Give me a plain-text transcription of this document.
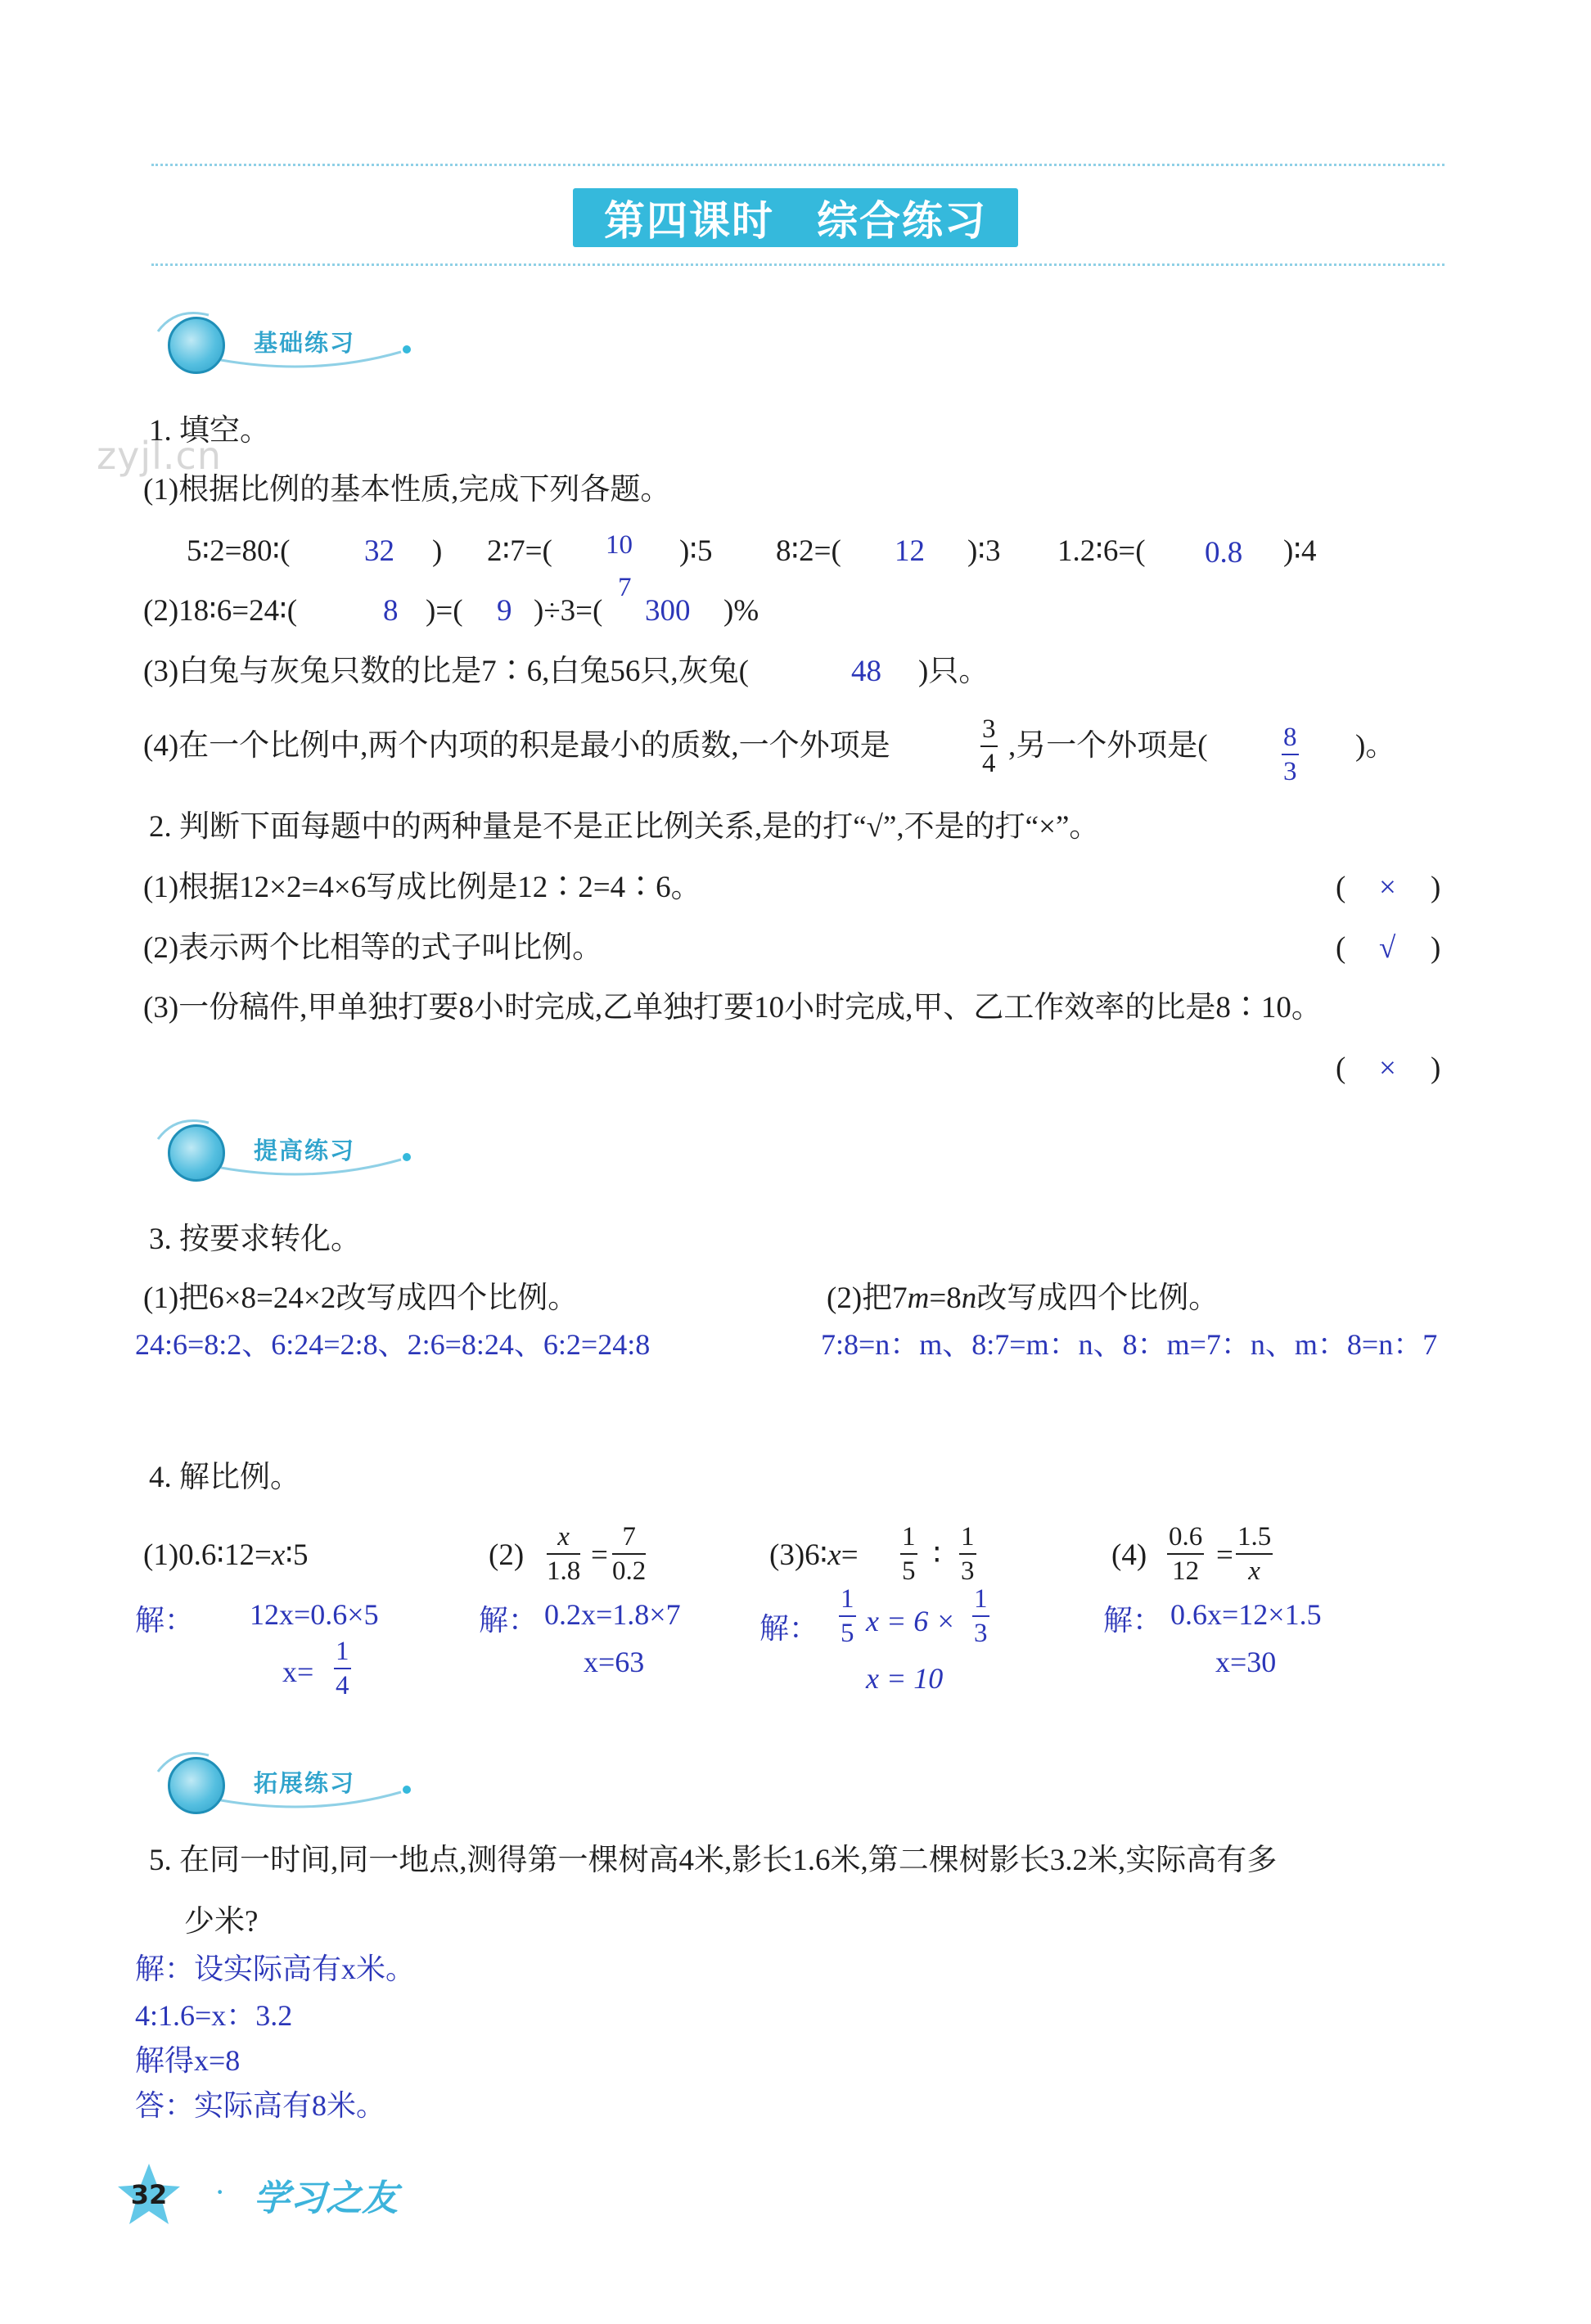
第四课时　综合练习
zyjl.cn
基础练习
1. 填空。
(1)根据比例的基本性质,完成下列各题。
5∶2=80∶( 32 ) 2∶7=( 10
7
)∶5 8∶2=( 12 )∶3 1.2∶6=( 0.8 )∶4
(2)18∶6=24∶(	8 )=( 9 )÷3=( 300 )%
(3)白兔与灰兔只数的比是7∶6,白兔56只,灰兔(	48 )只。
(4)在一个比例中,两个内项的积是最小的质数,一个外项是	$\frac{3}{4}$ ,另一个外项是(	$\frac{8}{3}$ )。
2. 判断下面每题中的两种量是不是正比例关系,是的打“√”,不是的打“×”。
(1)根据12×2=4×6写成比例是12∶2=4∶6。	( × )
(2)表示两个比相等的式子叫比例。	( √ )
(3)一份稿件,甲单独打要8小时完成,乙单独打要10小时完成,甲、乙工作效率的比是8∶10。
( × )
提高练习
3. 按要求转化。
(1)把6×8=24×2改写成四个比例。
24:6=8:2、6:24=2:8、2:6=8:24、6:2=24:8
(2)把7m=8n改写成四个比例。
7:8=n：m、8:7=m：n、8：m=7：n、m：8=n：7
4. 解比例。
(1)0.6∶12=x∶5
解： 12x=0.6×5
$x= \frac{1}{4}$
$(2) \frac{x}{1.8} = \frac{7}{0.2}$
解： 0.2x=1.8×7
x=63
(3)6∶x= $\frac{1}{5}$ ∶ $\frac{1}{3}$
解： $\frac{1}{5}$ $x = 6 \times \frac{1}{3}$
x = 10
$(4) \frac{0.6}{12} = \frac{1.5}{x}$
解： 0.6x=12×1.5
x=30
拓展练习
5. 在同一时间,同一地点,测得第一棵树高4米,影长1.6米,第二棵树影长3.2米,实际高有多
少米?
解：设实际高有x米。
4:1.6=x：3.2
解得x=8
答：实际高有8米。
32 · 学习之友
